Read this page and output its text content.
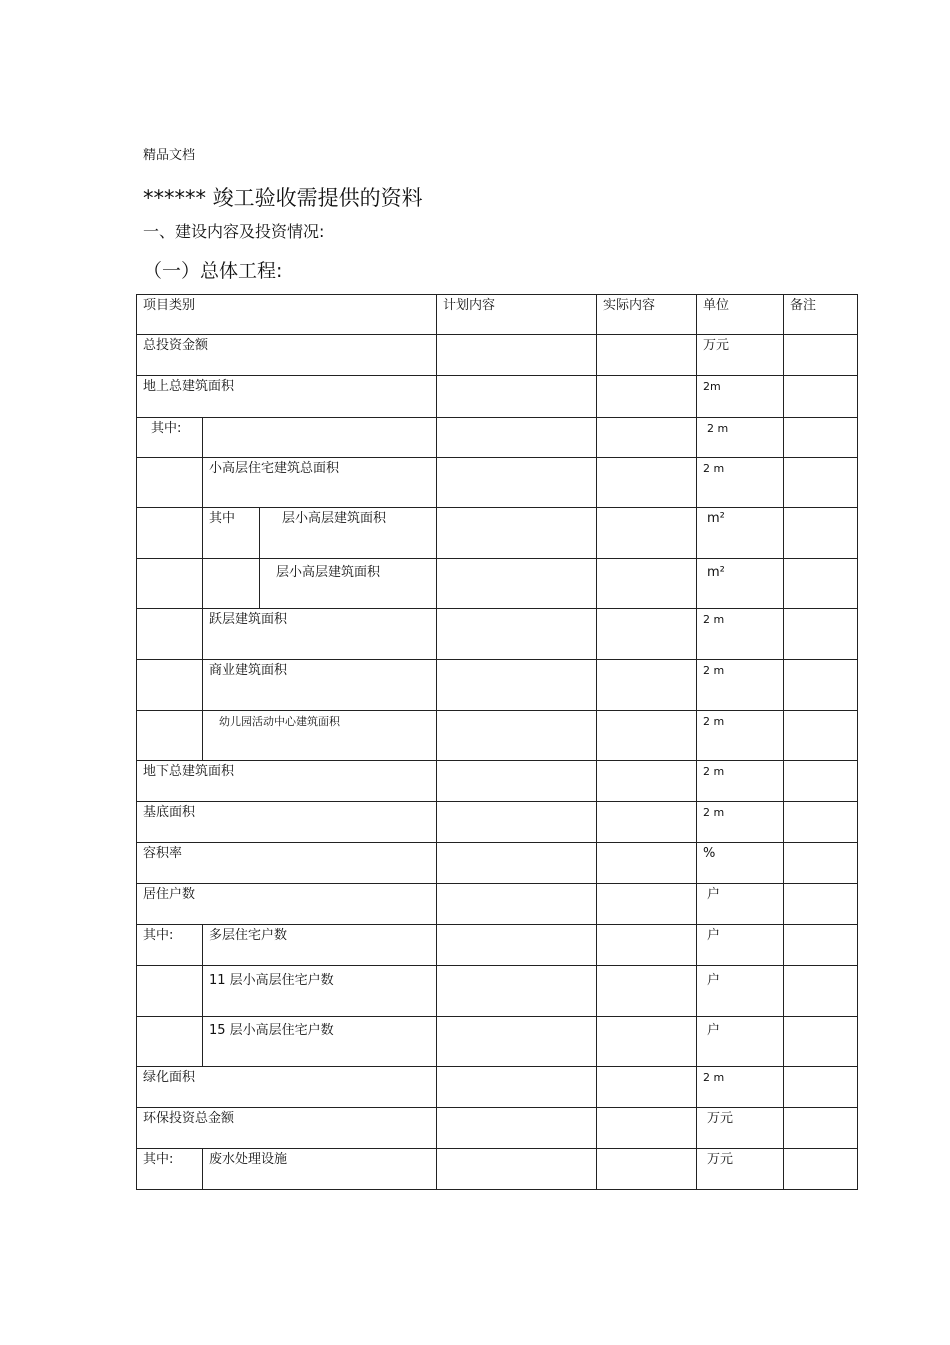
精品文档
****** 竣工验收需提供的资料
一、建设内容及投资情况:
（一）总体工程:
项目类别			计划内容	实际内容	单位	备注
总投资金额					万元	
地上总建筑面积					2m	
其中:					2 m	
	小高层住宅建筑总面积				2 m	
	其中	层小高层建筑面积			m²	
		层小高层建筑面积			m²	
	跃层建筑面积				2 m	
	商业建筑面积				2 m	
	幼儿园活动中心建筑面积				2 m	
地下总建筑面积					2 m	
基底面积					2 m	
容积率					%	
居住户数					户	
其中:	多层住宅户数				户	
	11 层小高层住宅户数				户	
	15 层小高层住宅户数				户	
绿化面积					2 m	
环保投资总金额					万元	
其中:	废水处理设施				万元	
